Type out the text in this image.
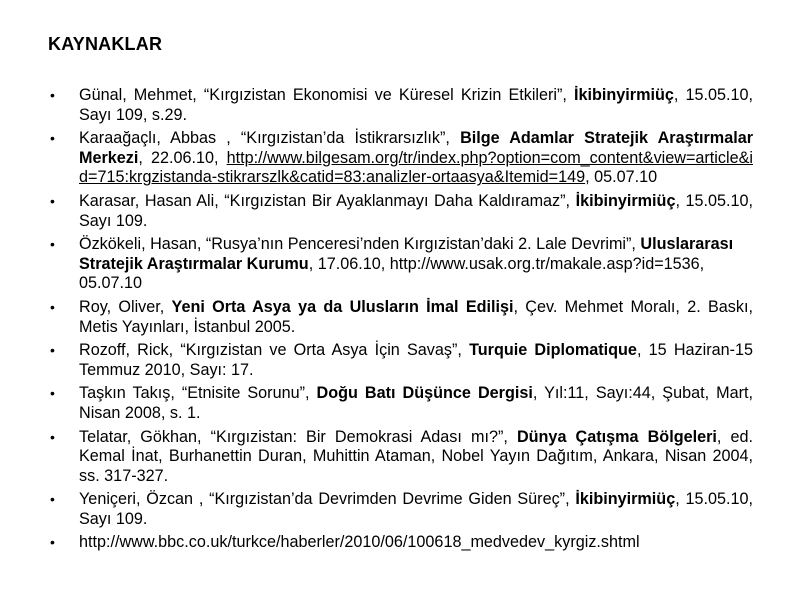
KAYNAKLAR
• Günal, Mehmet, “Kırgızistan Ekonomisi ve Küresel Krizin Etkileri”, İkibinyirmiüç, 15.05.10, Sayı 109, s.29.
• Karaağaçlı, Abbas , “Kırgızistan’da İstikrarsızlık”, Bilge Adamlar Stratejik Araştırmalar Merkezi, 22.06.10, http://www.bilgesam.org/tr/index.php?option=com_content&view=article&id=715:krgzistanda-stikrarszlk&catid=83:analizler-ortaasya&Itemid=149, 05.07.10
• Karasar, Hasan Ali, “Kırgızistan Bir Ayaklanmayı Daha Kaldıramaz”, İkibinyirmiüç, 15.05.10, Sayı 109.
• Özkökeli, Hasan, “Rusya’nın Penceresi’nden Kırgızistan’daki 2. Lale Devrimi”, Uluslararası Stratejik Araştırmalar Kurumu, 17.06.10, http://www.usak.org.tr/makale.asp?id=1536, 05.07.10
• Roy, Oliver, Yeni Orta Asya ya da Ulusların İmal Edilişi, Çev. Mehmet Moralı, 2. Baskı, Metis Yayınları, İstanbul 2005.
• Rozoff, Rick, “Kırgızistan ve Orta Asya İçin Savaş”, Turquie Diplomatique, 15 Haziran-15 Temmuz 2010, Sayı: 17.
• Taşkın Takış, “Etnisite Sorunu”, Doğu Batı Düşünce Dergisi, Yıl:11, Sayı:44, Şubat, Mart, Nisan 2008, s. 1.
• Telatar, Gökhan, “Kırgızistan: Bir Demokrasi Adası mı?”, Dünya Çatışma Bölgeleri, ed. Kemal İnat, Burhanettin Duran, Muhittin Ataman, Nobel Yayın Dağıtım, Ankara, Nisan 2004, ss. 317-327.
• Yeniçeri, Özcan , “Kırgızistan’da Devrimden Devrime Giden Süreç”, İkibinyirmiüç, 15.05.10, Sayı 109.
• http://www.bbc.co.uk/turkce/haberler/2010/06/100618_medvedev_kyrgiz.shtml
